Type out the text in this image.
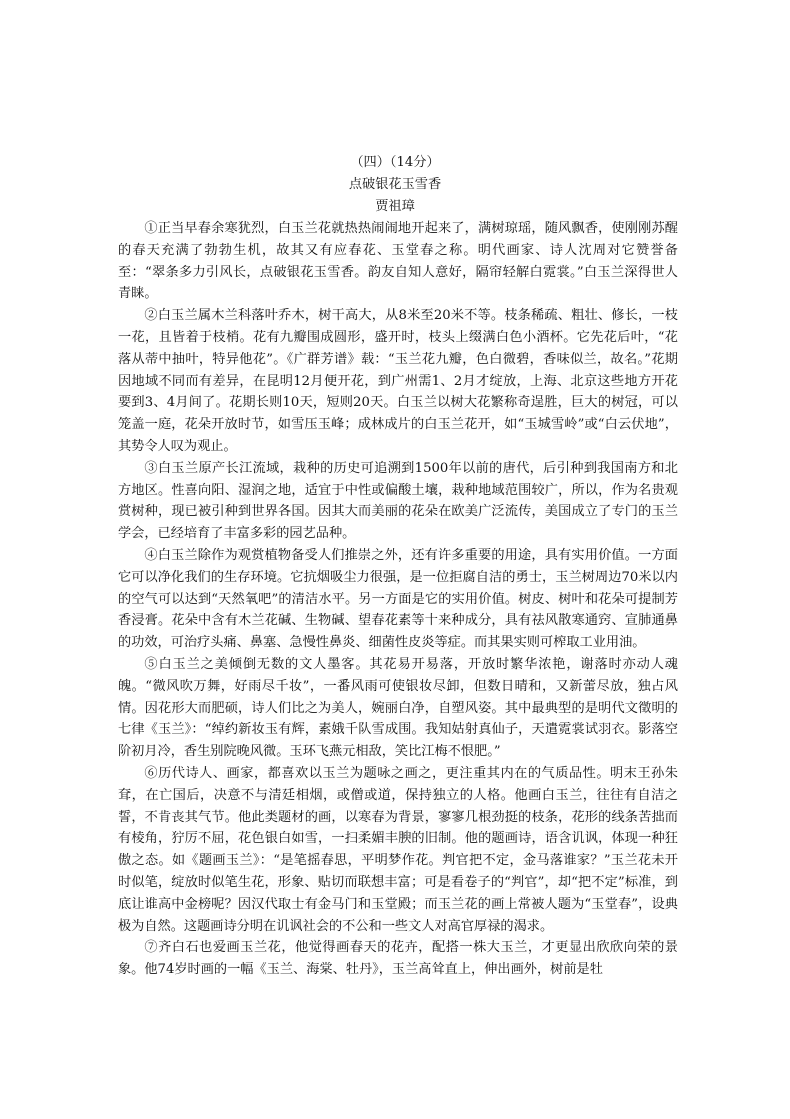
（四）（14分）
点破银花玉雪香
贾祖璋

①正当早春余寒犹烈，白玉兰花就热热闹闹地开起来了，满树琼瑶，随风飘香，使刚刚苏醒的春天充满了勃勃生机，故其又有应春花、玉堂春之称。明代画家、诗人沈周对它赞誉备至：“翠条多力引风长，点破银花玉雪香。韵友自知人意好，隔帘轻解白霓裳。”白玉兰深得世人青睐。

②白玉兰属木兰科落叶乔木，树干高大，从8米至20米不等。枝条稀疏、粗壮、修长，一枝一花，且皆着于枝梢。花有九瓣围成圆形，盛开时，枝头上缀满白色小酒杯。它先花后叶，“花落从蒂中抽叶，特异他花”。《广群芳谱》载：“玉兰花九瓣，色白微碧，香味似兰，故名。”花期因地域不同而有差异，在昆明12月便开花，到广州需1、2月才绽放，上海、北京这些地方开花要到3、4月间了。花期长则10天，短则20天。白玉兰以树大花繁称奇逞胜，巨大的树冠，可以笼盖一庭，花朵开放时节，如雪压玉峰；成林成片的白玉兰花开，如“玉城雪岭”或“白云伏地”，其势令人叹为观止。

③白玉兰原产长江流域，栽种的历史可追溯到1500年以前的唐代，后引种到我国南方和北方地区。性喜向阳、湿润之地，适宜于中性或偏酸土壤，栽种地域范围较广，所以，作为名贵观赏树种，现已被引种到世界各国。因其大而美丽的花朵在欧美广泛流传，美国成立了专门的玉兰学会，已经培育了丰富多彩的园艺品种。

④白玉兰除作为观赏植物备受人们推崇之外，还有许多重要的用途，具有实用价值。一方面它可以净化我们的生存环境。它抗烟吸尘力很强，是一位拒腐自洁的勇士，玉兰树周边70米以内的空气可以达到“天然氧吧”的清洁水平。另一方面是它的实用价值。树皮、树叶和花朵可提制芳香浸膏。花朵中含有木兰花碱、生物碱、望春花素等十来种成分，具有祛风散寒通窍、宣肺通鼻的功效，可治疗头痛、鼻塞、急慢性鼻炎、细菌性皮炎等症。而其果实则可榨取工业用油。

⑤白玉兰之美倾倒无数的文人墨客。其花易开易落，开放时繁华浓艳，谢落时亦动人魂魄。“微风吹万舞，好雨尽千妆”，一番风雨可使银妆尽卸，但数日晴和，又新蕾尽放，独占风情。因花形大而肥硕，诗人们比之为美人，婉丽白净，自塑风姿。其中最典型的是明代文徵明的七律《玉兰》：“绰约新妆玉有辉，素娥千队雪成围。我知姑射真仙子，天遣霓裳试羽衣。影落空阶初月冷，香生别院晚风微。玉环飞燕元相敌，笑比江梅不恨肥。”

⑥历代诗人、画家，都喜欢以玉兰为题咏之画之，更注重其内在的气质品性。明末王孙朱耷，在亡国后，决意不与清廷相烟，或僧或道，保持独立的人格。他画白玉兰，往往有自洁之誓，不肯丧其气节。他此类题材的画，以寒春为背景，寥寥几根劲挺的枝条，花形的线条苦拙而有棱角，狞厉不屈，花色银白如雪，一扫柔媚丰腴的旧制。他的题画诗，语含讥讽，体现一种狂傲之态。如《题画玉兰》：“是笔摇春思，平明梦作花。判官把不定，金马落谁家？”玉兰花未开时似笔，绽放时似笔生花，形象、贴切而联想丰富；可是看卷子的“判官”，却“把不定”标准，到底让谁高中金榜呢？因汉代取士有金马门和玉堂殿；而玉兰花的画上常被人题为“玉堂春”，设典极为自然。这题画诗分明在讥讽社会的不公和一些文人对高官厚禄的渴求。

⑦齐白石也爱画玉兰花，他觉得画春天的花卉，配搭一株大玉兰，才更显出欣欣向荣的景象。他74岁时画的一幅《玉兰、海棠、牡丹》，玉兰高耸直上，伸出画外，树前是牡
